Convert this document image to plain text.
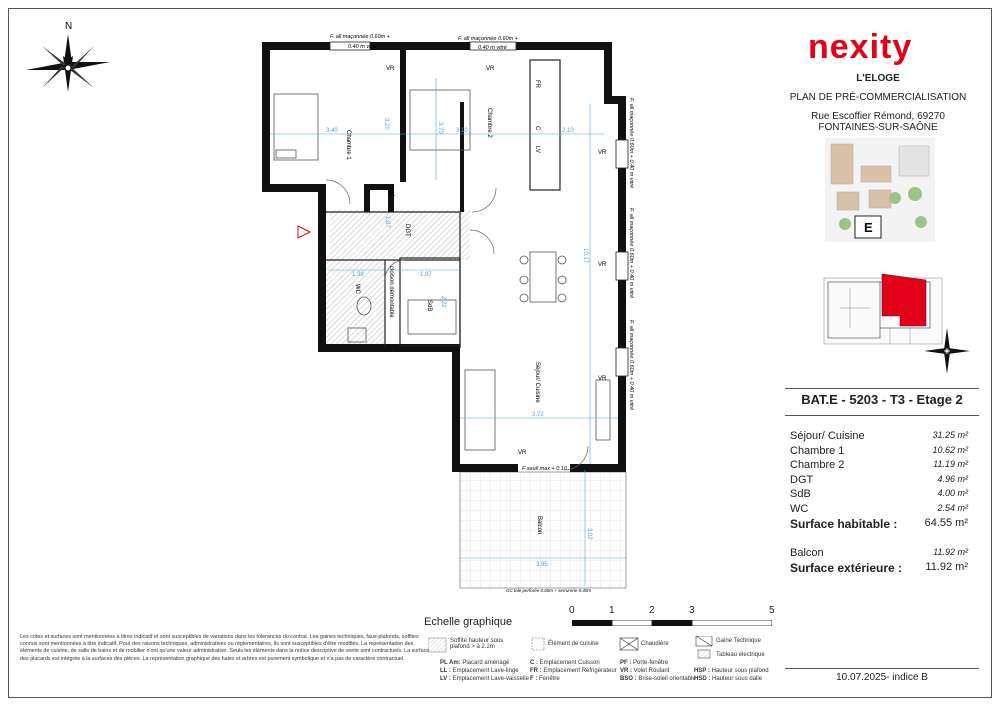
N
Chambre 1
Chambre 2
DGT
WC
SdB
Séjour/ Cuisine
Balcon
PL
FR
LV
C
VR	VR
VR
VR
VR
VR
cloison démontable
3.40	3.10	2.10
3.20	3.70
1.87
1.39	1.87
2.22
10.17
3.72
3.95
3.02
F. all maçonnée 0.60m +
0.40 m vitré
F. all maçonnée 0.60m +
0.40 m vitré
F. all maçonnée 0.60m + 0.40 m vitré
F. all maçonnée 0.60m + 0.40 m vitré
F. all maçonnée 0.60m + 0.40 m vitré
F seuil max + 0.10
GC tole perforée 0.60m + serrurerie 0.40m
nexity
L'ELOGE
PLAN DE PRÉ-COMMERCIALISATION
Rue Escoffier Rémond, 69270
FONTAINES-SUR-SAÔNE
E
BAT.E - 5203 - T3 - Etage 2
Séjour/ Cuisine	31.25 m²
Chambre 1	10.62 m²
Chambre 2	11.19 m²
DGT	4.96 m²
SdB	4.00 m²
WC	2.54 m²
Surface habitable : 64.55 m²
Balcon	11.92 m²
Surface extérieure : 11.92 m²
10.07.2025- indice B
Echelle graphique
0	1	2	3	5
Soffite hauteur sous plafond > à 2.2m	Élément de cuisine	Chaudière	Gaine Technique
Tableau électrique
PL Am: Placard aménagé	C : Emplacement Cuisson	PF : Porte-fenêtre
LL : Emplacement Lave-linge FR : Emplacement Réfrigérateur VR : Volet Roulant	HSP : Hauteur sous plafond
LV : Emplacement Lave-vaisselle F : Fenêtre	BSO : Brise-soleil orientable
HSD : Hauteur sous dalle
Les cotes et surfaces sont mentionnées à titres indicatif et sont susceptibles de variations dans les tolérances du contrat. Les gaines techniques, faux-plafonds, soffites connus sont mentionnées à titre indicatif. Pour des raisons techniques, administratives ou réglementaires, ils sont susceptibles d'être modifiés. La représentation des éléments de cuisine, de salle de bains et de mobilier n'ont qu'une valeur administrative. Seuls les éléments dans la notice descriptive de vente sont contractuels. La surface des placards est intégrée à la surfaces des pièces. La représentation graphique des haies et arbres est purement symbolique et n'a pas de caractère contractuel.
